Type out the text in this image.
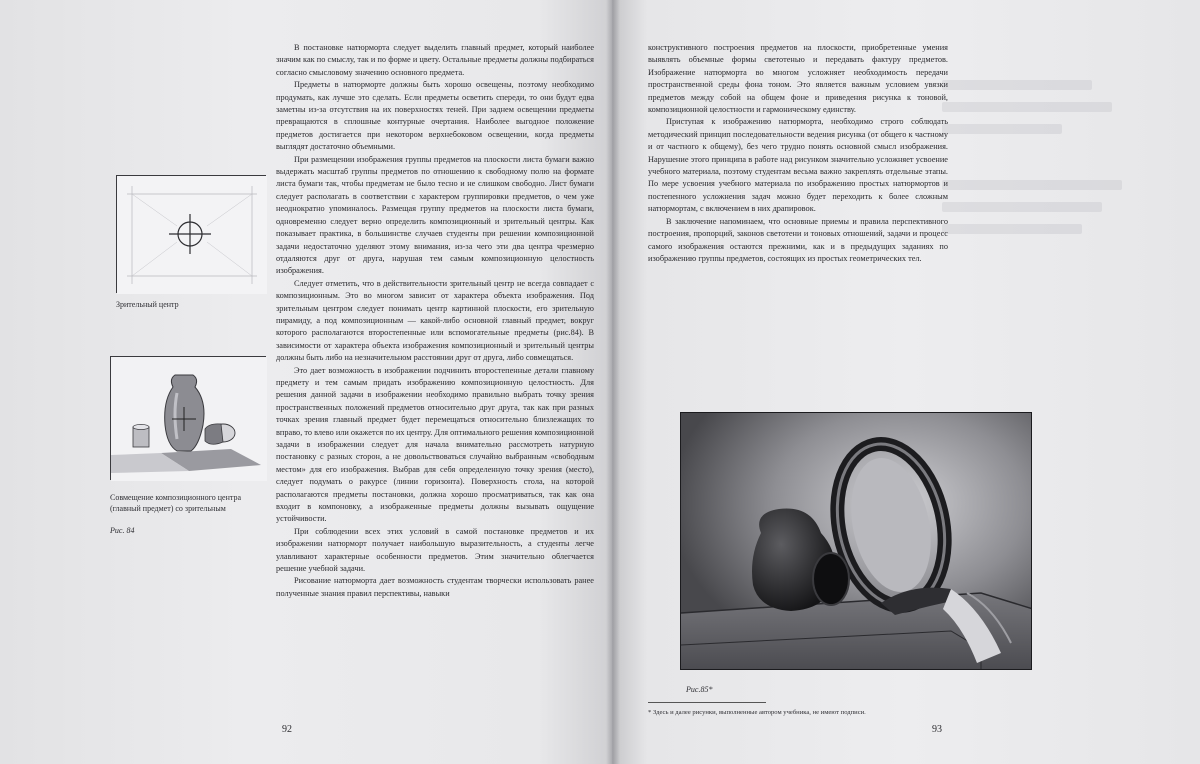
Зрительный центр
Совмещение композиционного центра (главный предмет) со зрительным
Рис. 84

В постановке натюрморта следует выделить главный предмет, который наиболее значим как по смыслу, так и по форме и цвету. Остальные предметы должны подбираться согласно смысловому значению основного предмета.

Предметы в натюрморте должны быть хорошо освещены, поэтому необходимо продумать, как лучше это сделать. Если предметы осветить спереди, то они будут едва заметны из-за отсутствия на их поверхностях теней. При заднем освещении предметы превращаются в сплошные контурные очертания. Наиболее выгодное положение предметов достигается при некотором верхнебоковом освещении, когда предметы выглядят достаточно объемными.

При размещении изображения группы предметов на плоскости листа бумаги важно выдержать масштаб группы предметов по отношению к свободному полю на формате листа бумаги так, чтобы предметам не было тесно и не слишком свободно. Лист бумаги следует располагать в соответствии с характером группировки предметов, о чем уже неоднократно упоминалось. Размещая группу предметов на плоскости листа бумаги, одновременно следует верно определить композиционный и зрительный центры. Как показывает практика, в большинстве случаев студенты при решении композиционной задачи недостаточно уделяют этому внимания, из-за чего эти два центра чрезмерно отдаляются друг от друга, нарушая тем самым композиционную целостность изображения.

Следует отметить, что в действительности зрительный центр не всегда совпадает с композиционным. Это во многом зависит от характера объекта изображения. Под зрительным центром следует понимать центр картинной плоскости, его зрительную пирамиду, а под композиционным — какой-либо основной главный предмет, вокруг которого располагаются второстепенные или вспомогательные предметы (рис.84). В зависимости от характера объекта изображения композиционный и зрительный центры должны быть либо на незначительном расстоянии друг от друга, либо совмещаться.

Это дает возможность в изображении подчинить второстепенные детали главному предмету и тем самым придать изображению композиционную целостность. Для решения данной задачи в изображении необходимо правильно выбрать точку зрения пространственных положений предметов относительно друг друга, так как при разных точках зрения главный предмет будет перемещаться относительно близлежащих то вправо, то влево или окажется по их центру. Для оптимального решения композиционной задачи в изображении следует для начала внимательно рассмотреть натурную постановку с разных сторон, а не довольствоваться случайно выбранным «свободным местом» для его изображения. Выбрав для себя определенную точку зрения (место), следует подумать о ракурсе (линии горизонта). Поверхность стола, на которой располагаются предметы постановки, должна хорошо просматриваться, так как она входит в компоновку, а изображенные предметы должны вызывать ощущение устойчивости.

При соблюдении всех этих условий в самой постановке предметов и их изображении натюрморт получает наибольшую выразительность, а студенты легче улавливают характерные особенности предметов. Этим значительно облегчается решение учебной задачи.

Рисование натюрморта дает возможность студентам творчески использовать ранее полученные знания правил перспективы, навыки

92

конструктивного построения предметов на плоскости, приобретенные умения выявлять объемные формы светотенью и передавать фактуру предметов. Изображение натюрморта во многом усложняет необходимость передачи пространственной среды фона тоном. Это является важным условием увязки предметов между собой на общем фоне и приведения рисунка к тоновой, композиционной целостности и гармоническому единству.

Приступая к изображению натюрморта, необходимо строго соблюдать методический принцип последовательности ведения рисунка (от общего к частному и от частного к общему), без чего трудно понять основной смысл изображения. Нарушение этого принципа в работе над рисунком значительно усложняет усвоение учебного материала, поэтому студентам весьма важно закреплять отдельные этапы. По мере усвоения учебного материала по изображению простых натюрмортов и постепенного усложнения задач можно будет переходить к более сложным натюрмортам, с включением в них драпировок.

В заключение напоминаем, что основные приемы и правила перспективного построения, пропорций, законов светотени и тоновых отношений, задачи и процесс самого изображения остаются прежними, как и в предыдущих заданиях по изображению группы предметов, состоящих из простых геометрических тел.

Рис.85*
* Здесь и далее рисунки, выполненные автором учебника, не имеют подписи.
93
